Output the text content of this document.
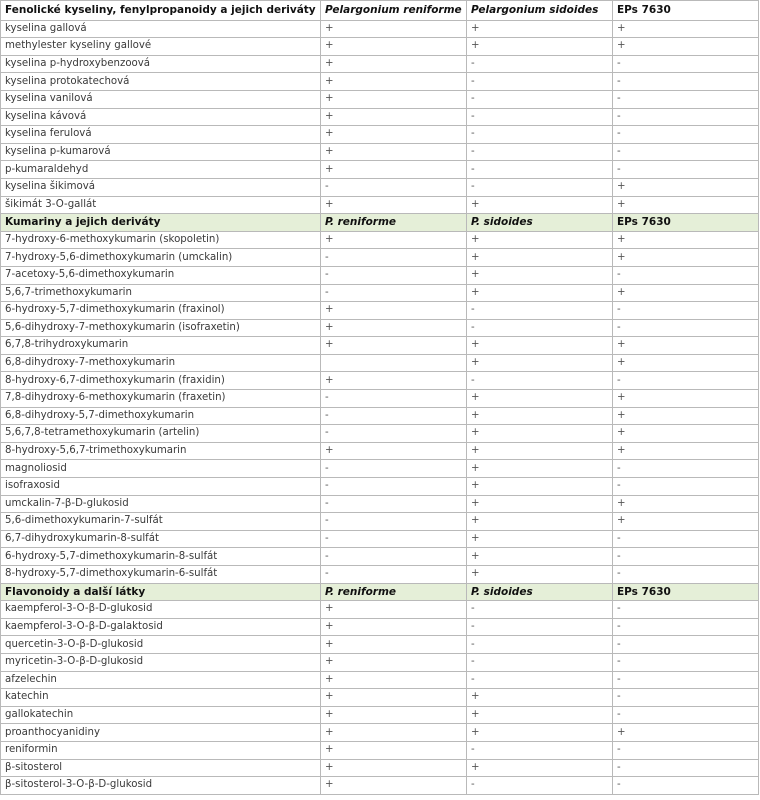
Fenolické kyseliny, fenylpropanoidy a jejich deriváty	Pelargonium reniforme	Pelargonium sidoides	EPs 7630
kyselina gallová	+	+	+
methylester kyseliny gallové	+	+	+
kyselina p-hydroxybenzoová	+	-	-
kyselina protokatechová	+	-	-
kyselina vanilová	+	-	-
kyselina kávová	+	-	-
kyselina ferulová	+	-	-
kyselina p-kumarová	+	-	-
p-kumaraldehyd	+	-	-
kyselina šikimová	-	-	+
šikimát 3-O-gallát	+	+	+
Kumariny a jejich deriváty	P. reniforme	P. sidoides	EPs 7630
7-hydroxy-6-methoxykumarin (skopoletin)	+	+	+
7-hydroxy-5,6-dimethoxykumarin (umckalin)	-	+	+
7-acetoxy-5,6-dimethoxykumarin	-	+	-
5,6,7-trimethoxykumarin	-	+	+
6-hydroxy-5,7-dimethoxykumarin (fraxinol)	+	-	-
5,6-dihydroxy-7-methoxykumarin (isofraxetin)	+	-	-
6,7,8-trihydroxykumarin	+	+	+
6,8-dihydroxy-7-methoxykumarin		+	+
8-hydroxy-6,7-dimethoxykumarin (fraxidin)	+	-	-
7,8-dihydroxy-6-methoxykumarin (fraxetin)	-	+	+
6,8-dihydroxy-5,7-dimethoxykumarin	-	+	+
5,6,7,8-tetramethoxykumarin (artelin)	-	+	+
8-hydroxy-5,6,7-trimethoxykumarin	+	+	+
magnoliosid	-	+	-
isofraxosid	-	+	-
umckalin-7-β-D-glukosid	-	+	+
5,6-dimethoxykumarin-7-sulfát	-	+	+
6,7-dihydroxykumarin-8-sulfát	-	+	-
6-hydroxy-5,7-dimethoxykumarin-8-sulfát	-	+	-
8-hydroxy-5,7-dimethoxykumarin-6-sulfát	-	+	-
Flavonoidy a další látky	P. reniforme	P. sidoides	EPs 7630
kaempferol-3-O-β-D-glukosid	+	-	-
kaempferol-3-O-β-D-galaktosid	+	-	-
quercetin-3-O-β-D-glukosid	+	-	-
myricetin-3-O-β-D-glukosid	+	-	-
afzelechin	+	-	-
katechin	+	+	-
gallokatechin	+	+	-
proanthocyanidiny	+	+	+
reniformin	+	-	-
β-sitosterol	+	+	-
β-sitosterol-3-O-β-D-glukosid	+	-	-
